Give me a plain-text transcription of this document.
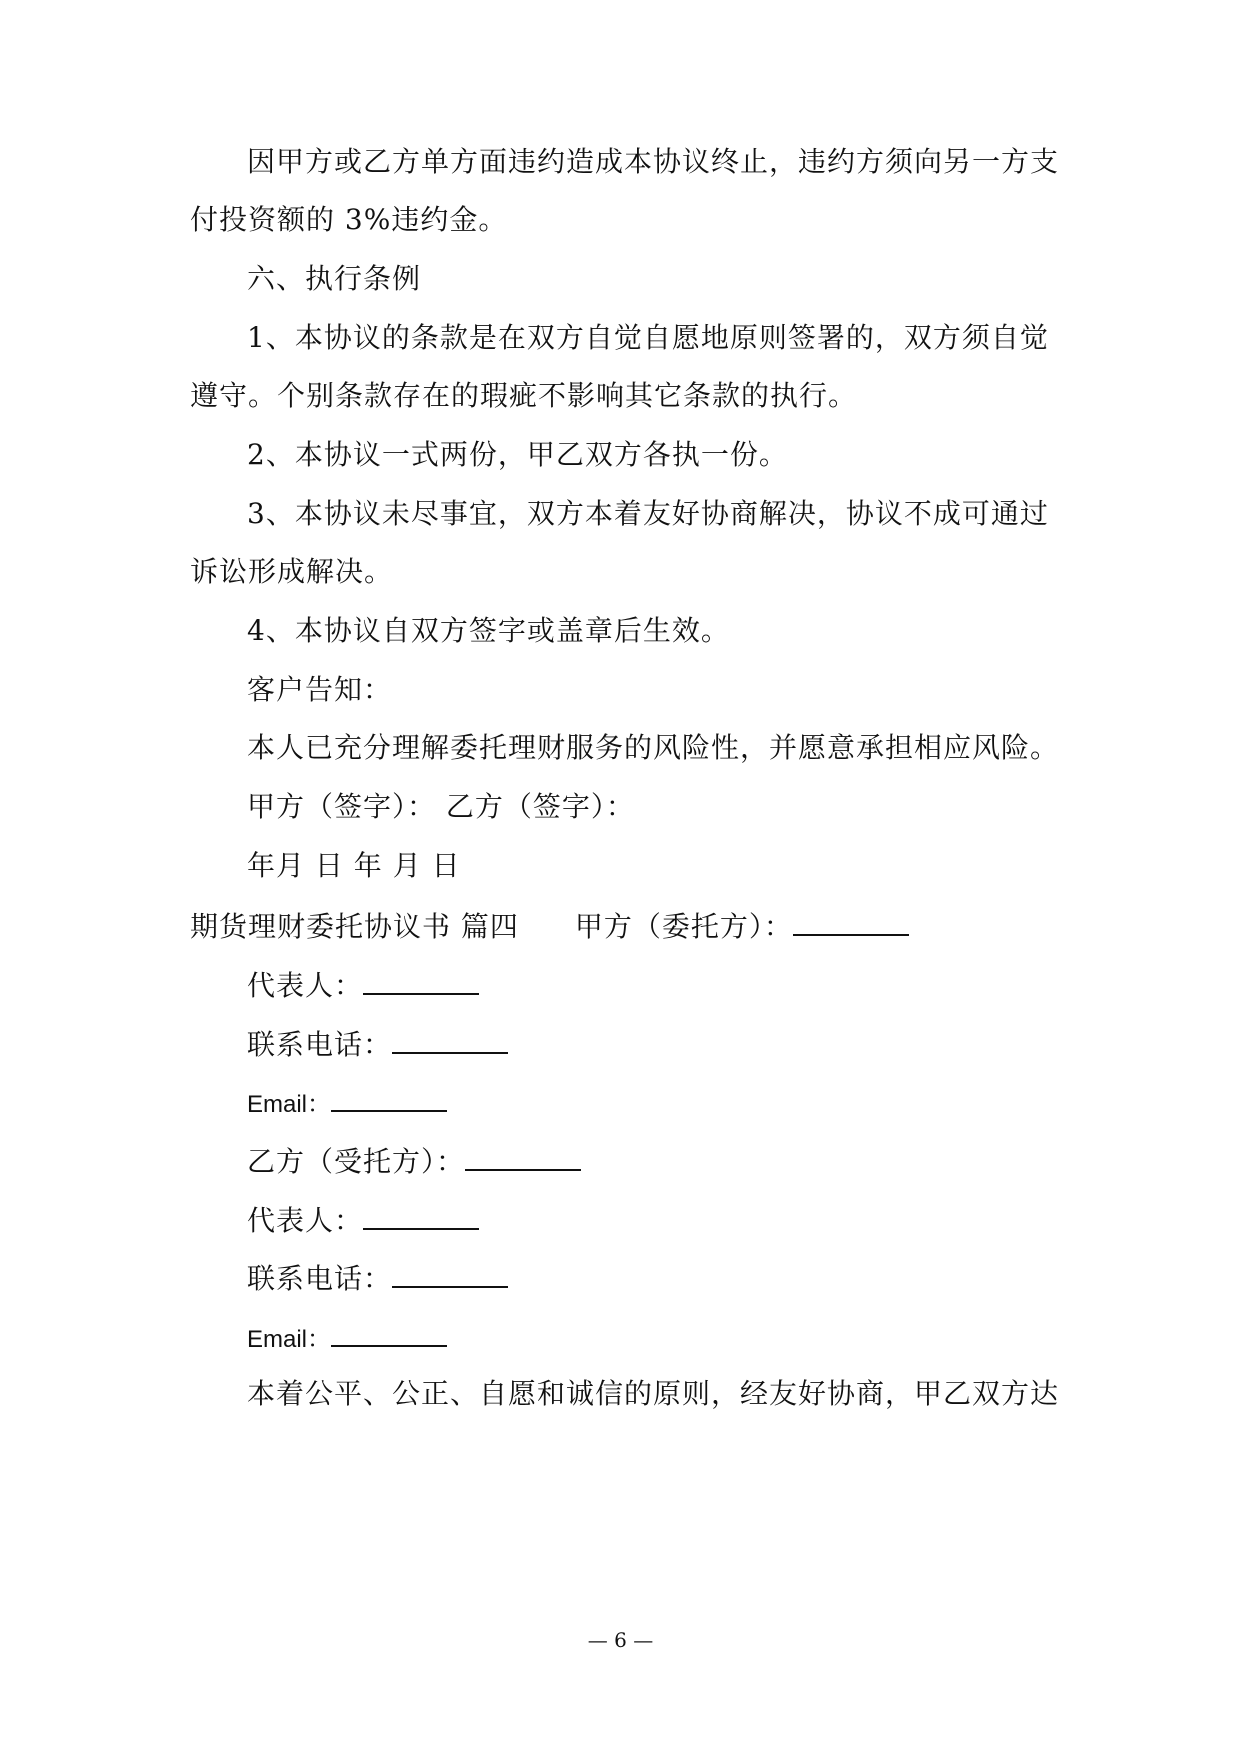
因甲方或乙方单方面违约造成本协议终止，违约方须向另一方支
付投资额的 3%违约金。
六、执行条例
1、本协议的条款是在双方自觉自愿地原则签署的，双方须自觉
遵守。个别条款存在的瑕疵不影响其它条款的执行。
2、本协议一式两份，甲乙双方各执一份。
3、本协议未尽事宜，双方本着友好协商解决，协议不成可通过
诉讼形成解决。
4、本协议自双方签字或盖章后生效。
客户告知：
本人已充分理解委托理财服务的风险性，并愿意承担相应风险。
甲方（签字）： 乙方（签字）：
年月 日 年 月 日
期货理财委托协议书 篇四 甲方（委托方）：
代表人：
联系电话：
Email：
乙方（受托方）：
代表人：
联系电话：
Email：
本着公平、公正、自愿和诚信的原则，经友好协商，甲乙双方达
— 6 —
